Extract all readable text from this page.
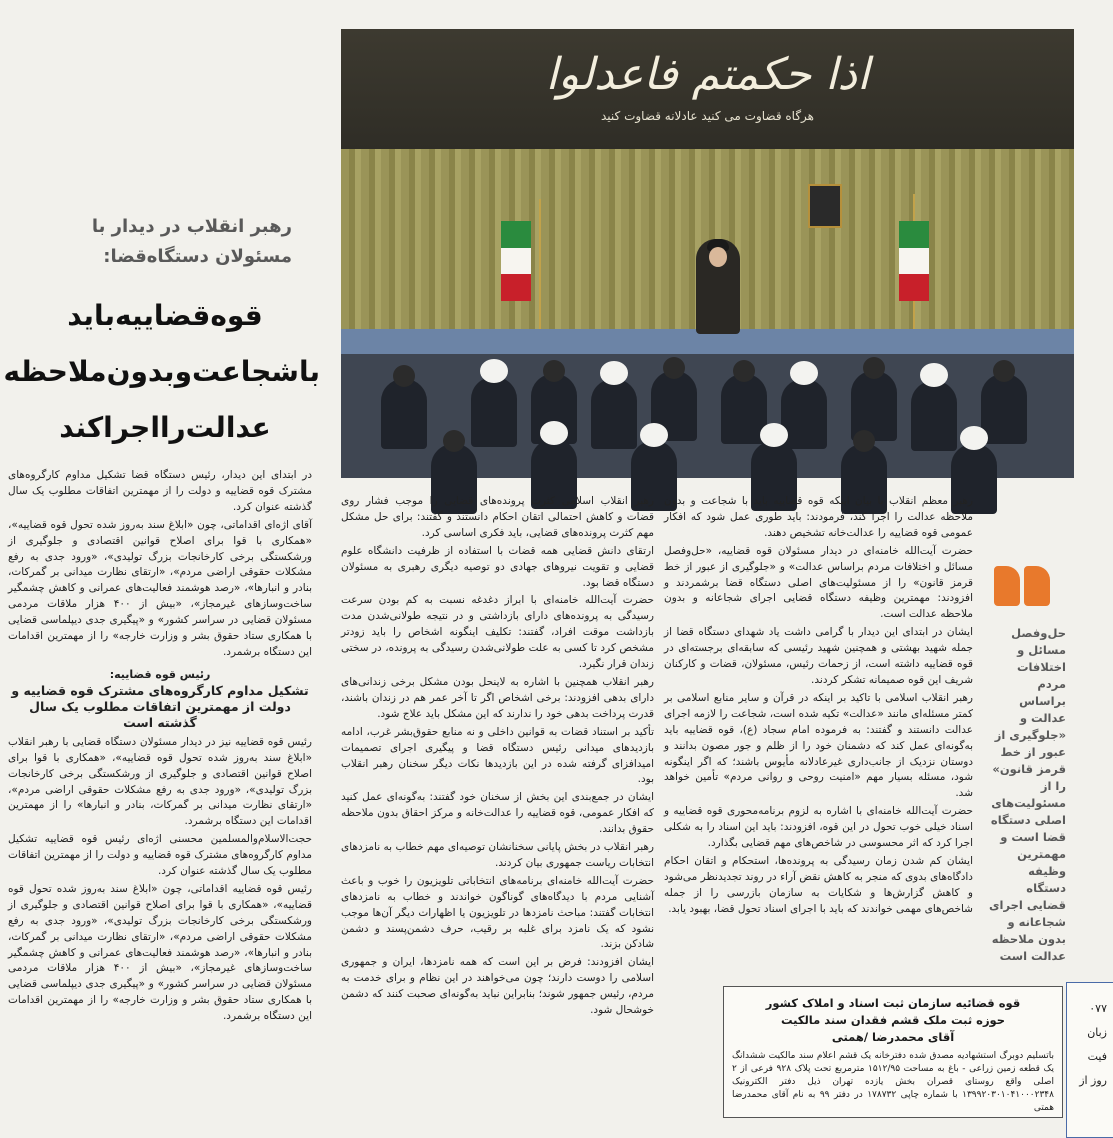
اذا حکمتم فاعدلوا
هرگاه قضاوت می کنید عادلانه قضاوت کنید
رهبر انقلاب در دیدار با مسئولان دستگاه‌قضا:
قوه‌قضاییه‌باید با‌شجاعت‌و‌بدون‌ملاحظه عدالت‌را‌اجرا‌کند

رهبر معظم انقلاب با بیان اینکه قوه قضاییه باید با شجاعت و بدون ملاحظه عدالت را اجرا کند، فرمودند: باید طوری عمل شود که افکار عمومی قوه قضاییه را عدالت‌خانه تشخیص دهند.

حضرت آیت‌الله خامنه‌ای در دیدار مسئولان قوه قضاییه، «حل‌وفصل مسائل و اختلافات مردم براساس عدالت» و «جلوگیری از عبور از خط قرمز قانون» را از مسئولیت‌های اصلی دستگاه قضا برشمردند و افزودند: مهمترین وظیفه دستگاه قضایی اجرای شجاعانه و بدون ملاحظه عدالت است.

ایشان در ابتدای این دیدار با گرامی داشت یاد شهدای دستگاه قضا از جمله شهید بهشتی و همچنین شهید رئیسی که سابقه‌ای برجسته‌ای در قوه قضاییه داشته است، از زحمات رئیس، مسئولان، قضات و کارکنان شریف این قوه صمیمانه تشکر کردند.

رهبر انقلاب اسلامی با تاکید بر اینکه در قرآن و سایر منابع اسلامی بر کمتر مسئله‌ای مانند «عدالت» تکیه شده است، شجاعت را لازمه اجرای عدالت دانستند و گفتند: به فرموده امام سجاد (ع)، قوه قضاییه باید به‌گونه‌ای عمل کند که دشمنان خود را از ظلم و جور مصون بدانند و دوستان نزدیک از جانب‌داری غیرعادلانه مأیوس باشند؛ که اگر اینگونه شود، مسئله بسیار مهم «امنیت روحی و روانی مردم» تأمین خواهد شد.

حضرت آیت‌الله خامنه‌ای با اشاره به لزوم برنامه‌محوری قوه قضاییه و اسناد خیلی خوب تحول در این قوه، افزودند: باید این اسناد را به شکلی اجرا کرد که اثر محسوسی در شاخص‌های مهم قضایی بگذارد.

ایشان کم شدن زمان رسیدگی به پرونده‌ها، استحکام و اتقان احکام دادگاه‌های بدوی که منجر به کاهش نقض آراء در روند تجدیدنظر می‌شود و کاهش گزارش‌ها و شکایات به سازمان بازرسی را از جمله شاخص‌های مهمی خواندند که باید با اجرای اسناد تحول قضا، بهبود یابد.

رهبر انقلاب اسلامی کثرت پرونده‌های قضایی را موجب فشار روی قضات و کاهش احتمالی اتقان احکام دانستند و گفتند: برای حل مشکل مهم کثرت پرونده‌های قضایی، باید فکری اساسی کرد.

ارتقای دانش قضایی همه قضات با استفاده از ظرفیت دانشگاه علوم قضایی و تقویت نیروهای جهادی دو توصیه دیگری رهبری به مسئولان دستگاه قضا بود.

حضرت آیت‌الله خامنه‌ای با ابراز دغدغه نسبت به کم بودن سرعت رسیدگی به پرونده‌های دارای بازداشتی و در نتیجه طولانی‌شدن مدت بازداشت موقت افراد، گفتند: تکلیف اینگونه اشخاص را باید زودتر مشخص کرد تا کسی به علت طولانی‌شدن رسیدگی به پرونده، در سختی زندان قرار نگیرد.

رهبر انقلاب همچنین با اشاره به لاینحل بودن مشکل برخی زندانی‌های دارای بدهی افزودند: برخی اشخاص اگر تا آخر عمر هم در زندان باشند، قدرت پرداخت بدهی خود را ندارند که این مشکل باید علاج شود.

تأکید بر استناد قضات به قوانین داخلی و نه منابع حقوق‌بشر غرب، ادامه بازدیدهای میدانی رئیس دستگاه قضا و پیگیری اجرای تصمیمات امیدافزای گرفته شده در این بازدیدها نکات دیگر سخنان رهبر انقلاب بود.

ایشان در جمع‌بندی این بخش از سخنان خود گفتند: به‌گونه‌ای عمل کنید که افکار عمومی، قوه قضاییه را عدالت‌خانه و مرکز احقاق بدون ملاحظه حقوق بدانند.

رهبر انقلاب در بخش پایانی سخنانشان توصیه‌ای مهم خطاب به نامزدهای انتخابات ریاست جمهوری بیان کردند.

حضرت آیت‌الله خامنه‌ای برنامه‌های انتخاباتی تلویزیون را خوب و باعث آشنایی مردم با دیدگاه‌های گوناگون خواندند و خطاب به نامزدهای انتخابات گفتند: مباحث نامزدها در تلویزیون یا اظهارات دیگر آن‌ها موجب نشود که یک نامزد برای غلبه بر رقیب، حرف دشمن‌پسند و دشمن شادکن بزند.

ایشان افزودند: فرض بر این است که همه نامزدها، ایران و جمهوری اسلامی را دوست دارند؛ چون می‌خواهند در این نظام و برای خدمت به مردم، رئیس جمهور شوند؛ بنابراین نباید به‌گونه‌ای صحبت کنند که دشمن خوشحال شود.

در ابتدای این دیدار، رئیس دستگاه قضا تشکیل مداوم کارگروه‌های مشترک قوه قضاییه و دولت را از مهمترین اتفاقات مطلوب یک سال گذشته عنوان کرد.

آقای اژه‌ای اقداماتی، چون «ابلاغ سند به‌روز شده تحول قوه قضاییه»، «همکاری با قوا برای اصلاح قوانین اقتصادی و جلوگیری از ورشکستگی برخی کارخانجات بزرگ تولیدی»، «ورود جدی به رفع مشکلات حقوقی اراضی مردم»، «ارتقای نظارت میدانی بر گمرکات، بنادر و انبارها»، «رصد هوشمند فعالیت‌های عمرانی و کاهش چشمگیر ساخت‌وسازهای غیرمجاز»، «بیش از ۴۰۰ هزار ملاقات مردمی مسئولان قضایی در سراسر کشور» و «پیگیری جدی دیپلماسی قضایی با همکاری ستاد حقوق بشر و وزارت خارجه» را از مهمترین اقدامات این دستگاه برشمرد.

رئیس قوه قضاییه:
تشکیل مداوم کارگروه‌های مشترک قوه قضاییه و دولت از مهمترین اتفاقات مطلوب یک سال گذشته است

رئیس قوه قضاییه نیز در دیدار مسئولان دستگاه قضایی با رهبر انقلاب «ابلاغ سند به‌روز شده تحول قوه قضاییه»، «همکاری با قوا برای اصلاح قوانین اقتصادی و جلوگیری از ورشکستگی برخی کارخانجات بزرگ تولیدی»، «ورود جدی به رفع مشکلات حقوقی اراضی مردم»، «ارتقای نظارت میدانی بر گمرکات، بنادر و انبارها» را از مهمترین اقدامات این دستگاه برشمرد.

حجت‌الاسلام‌والمسلمین محسنی اژه‌ای رئیس قوه قضاییه تشکیل مداوم کارگروه‌های مشترک قوه قضاییه و دولت را از مهمترین اتفاقات مطلوب یک سال گذشته عنوان کرد.

رئیس قوه قضاییه اقداماتی، چون «ابلاغ سند به‌روز شده تحول قوه قضاییه»، «همکاری با قوا برای اصلاح قوانین اقتصادی و جلوگیری از ورشکستگی برخی کارخانجات بزرگ تولیدی»، «ورود جدی به رفع مشکلات حقوقی اراضی مردم»، «ارتقای نظارت میدانی بر گمرکات، بنادر و انبارها»، «رصد هوشمند فعالیت‌های عمرانی و کاهش چشمگیر ساخت‌وسازهای غیرمجاز»، «بیش از ۴۰۰ هزار ملاقات مردمی مسئولان قضایی در سراسر کشور» و «پیگیری جدی دیپلماسی قضایی با همکاری ستاد حقوق بشر و وزارت خارجه» را از مهمترین اقدامات این دستگاه برشمرد.

حل‌وفصل مسائل و اختلافات مردم براساس عدالت و «جلوگیری از عبور از خط قرمز قانون» را از مسئولیت‌های اصلی دستگاه قضا است و مهمترین وظیفه دستگاه قضایی اجرای شجاعانه و بدون ملاحظه عدالت است
قوه قضائیه سازمان ثبت اسناد و املاک کشور
حوزه ثبت ملک قشم فقدان سند مالکیت
آقای محمدرضا /همتی
باتسلیم دوبرگ استشهادیه مصدق شده دفترخانه یک قشم اعلام سند مالکیت ششدانگ یک قطعه زمین زراعی - باغ به مساحت ۱۵۱۲/۹۵ مترمربع تحت پلاک ۹۲۸ فرعی از ۲ اصلی واقع روستای قصران بخش یازده تهران ذیل دفتر الکترونیک ۱۳۹۹۲۰۳۰۱۰۴۱۰۰۰۲۳۴۸ با شماره چاپی ۱۷۸۷۳۲ در دفتر ۹۹ به نام آقای محمدرضا همتی
۰۷۷
زبان
فیت
روز از
